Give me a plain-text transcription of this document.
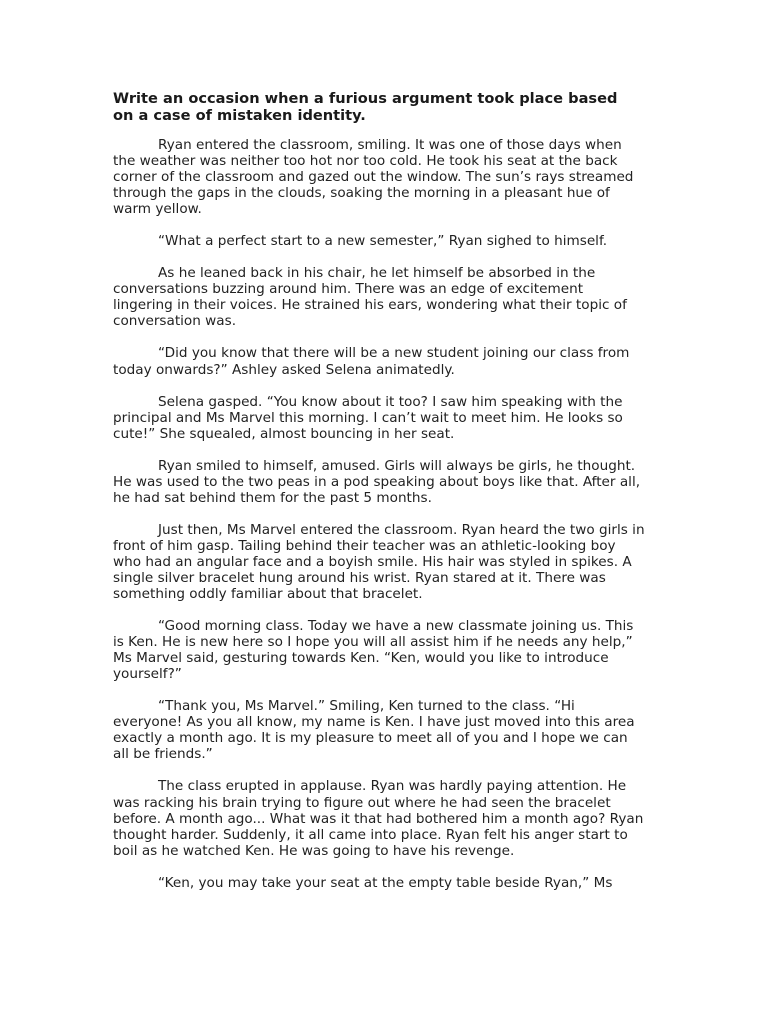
Write an occasion when a furious argument took place based
on a case of mistaken identity.

Ryan entered the classroom, smiling. It was one of those days when
the weather was neither too hot nor too cold. He took his seat at the back
corner of the classroom and gazed out the window. The sun’s rays streamed
through the gaps in the clouds, soaking the morning in a pleasant hue of
warm yellow.

“What a perfect start to a new semester,” Ryan sighed to himself.

As he leaned back in his chair, he let himself be absorbed in the
conversations buzzing around him. There was an edge of excitement
lingering in their voices. He strained his ears, wondering what their topic of
conversation was.

“Did you know that there will be a new student joining our class from
today onwards?” Ashley asked Selena animatedly.

Selena gasped. “You know about it too? I saw him speaking with the
principal and Ms Marvel this morning. I can’t wait to meet him. He looks so
cute!” She squealed, almost bouncing in her seat.

Ryan smiled to himself, amused. Girls will always be girls, he thought.
He was used to the two peas in a pod speaking about boys like that. After all,
he had sat behind them for the past 5 months.

Just then, Ms Marvel entered the classroom. Ryan heard the two girls in
front of him gasp. Tailing behind their teacher was an athletic-looking boy
who had an angular face and a boyish smile. His hair was styled in spikes. A
single silver bracelet hung around his wrist. Ryan stared at it. There was
something oddly familiar about that bracelet.

“Good morning class. Today we have a new classmate joining us. This
is Ken. He is new here so I hope you will all assist him if he needs any help,”
Ms Marvel said, gesturing towards Ken. “Ken, would you like to introduce
yourself?”

“Thank you, Ms Marvel.” Smiling, Ken turned to the class. “Hi
everyone! As you all know, my name is Ken. I have just moved into this area
exactly a month ago. It is my pleasure to meet all of you and I hope we can
all be friends.”

The class erupted in applause. Ryan was hardly paying attention. He
was racking his brain trying to figure out where he had seen the bracelet
before. A month ago... What was it that had bothered him a month ago? Ryan
thought harder. Suddenly, it all came into place. Ryan felt his anger start to
boil as he watched Ken. He was going to have his revenge.

“Ken, you may take your seat at the empty table beside Ryan,” Ms
